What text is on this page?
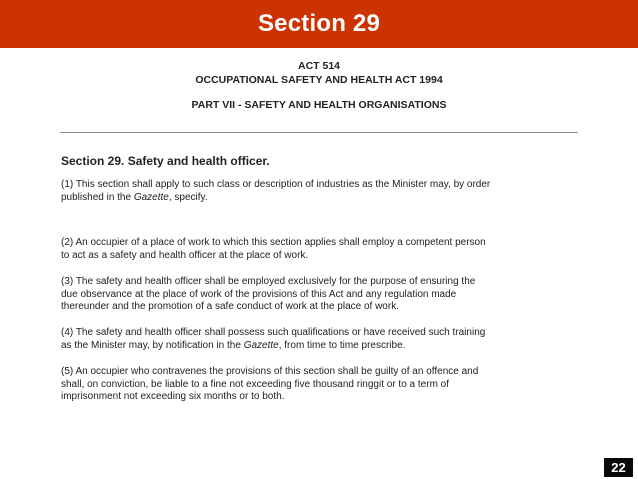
Section 29
ACT 514
OCCUPATIONAL SAFETY AND HEALTH ACT 1994
PART VII - SAFETY AND HEALTH ORGANISATIONS
Section 29. Safety and health officer.
(1) This section shall apply to such class or description of industries as the Minister may, by order
published in the Gazette, specify.
(2) An occupier of a place of work to which this section applies shall employ a competent person
to act as a safety and health officer at the place of work.
(3) The safety and health officer shall be employed exclusively for the purpose of ensuring the
due observance at the place of work of the provisions of this Act and any regulation made
thereunder and the promotion of a safe conduct of work at the place of work.
(4) The safety and health officer shall possess such qualifications or have received such training
as the Minister may, by notification in the Gazette, from time to time prescribe.
(5) An occupier who contravenes the provisions of this section shall be guilty of an offence and
shall, on conviction, be liable to a fine not exceeding five thousand ringgit or to a term of
imprisonment not exceeding six months or to both.
22
